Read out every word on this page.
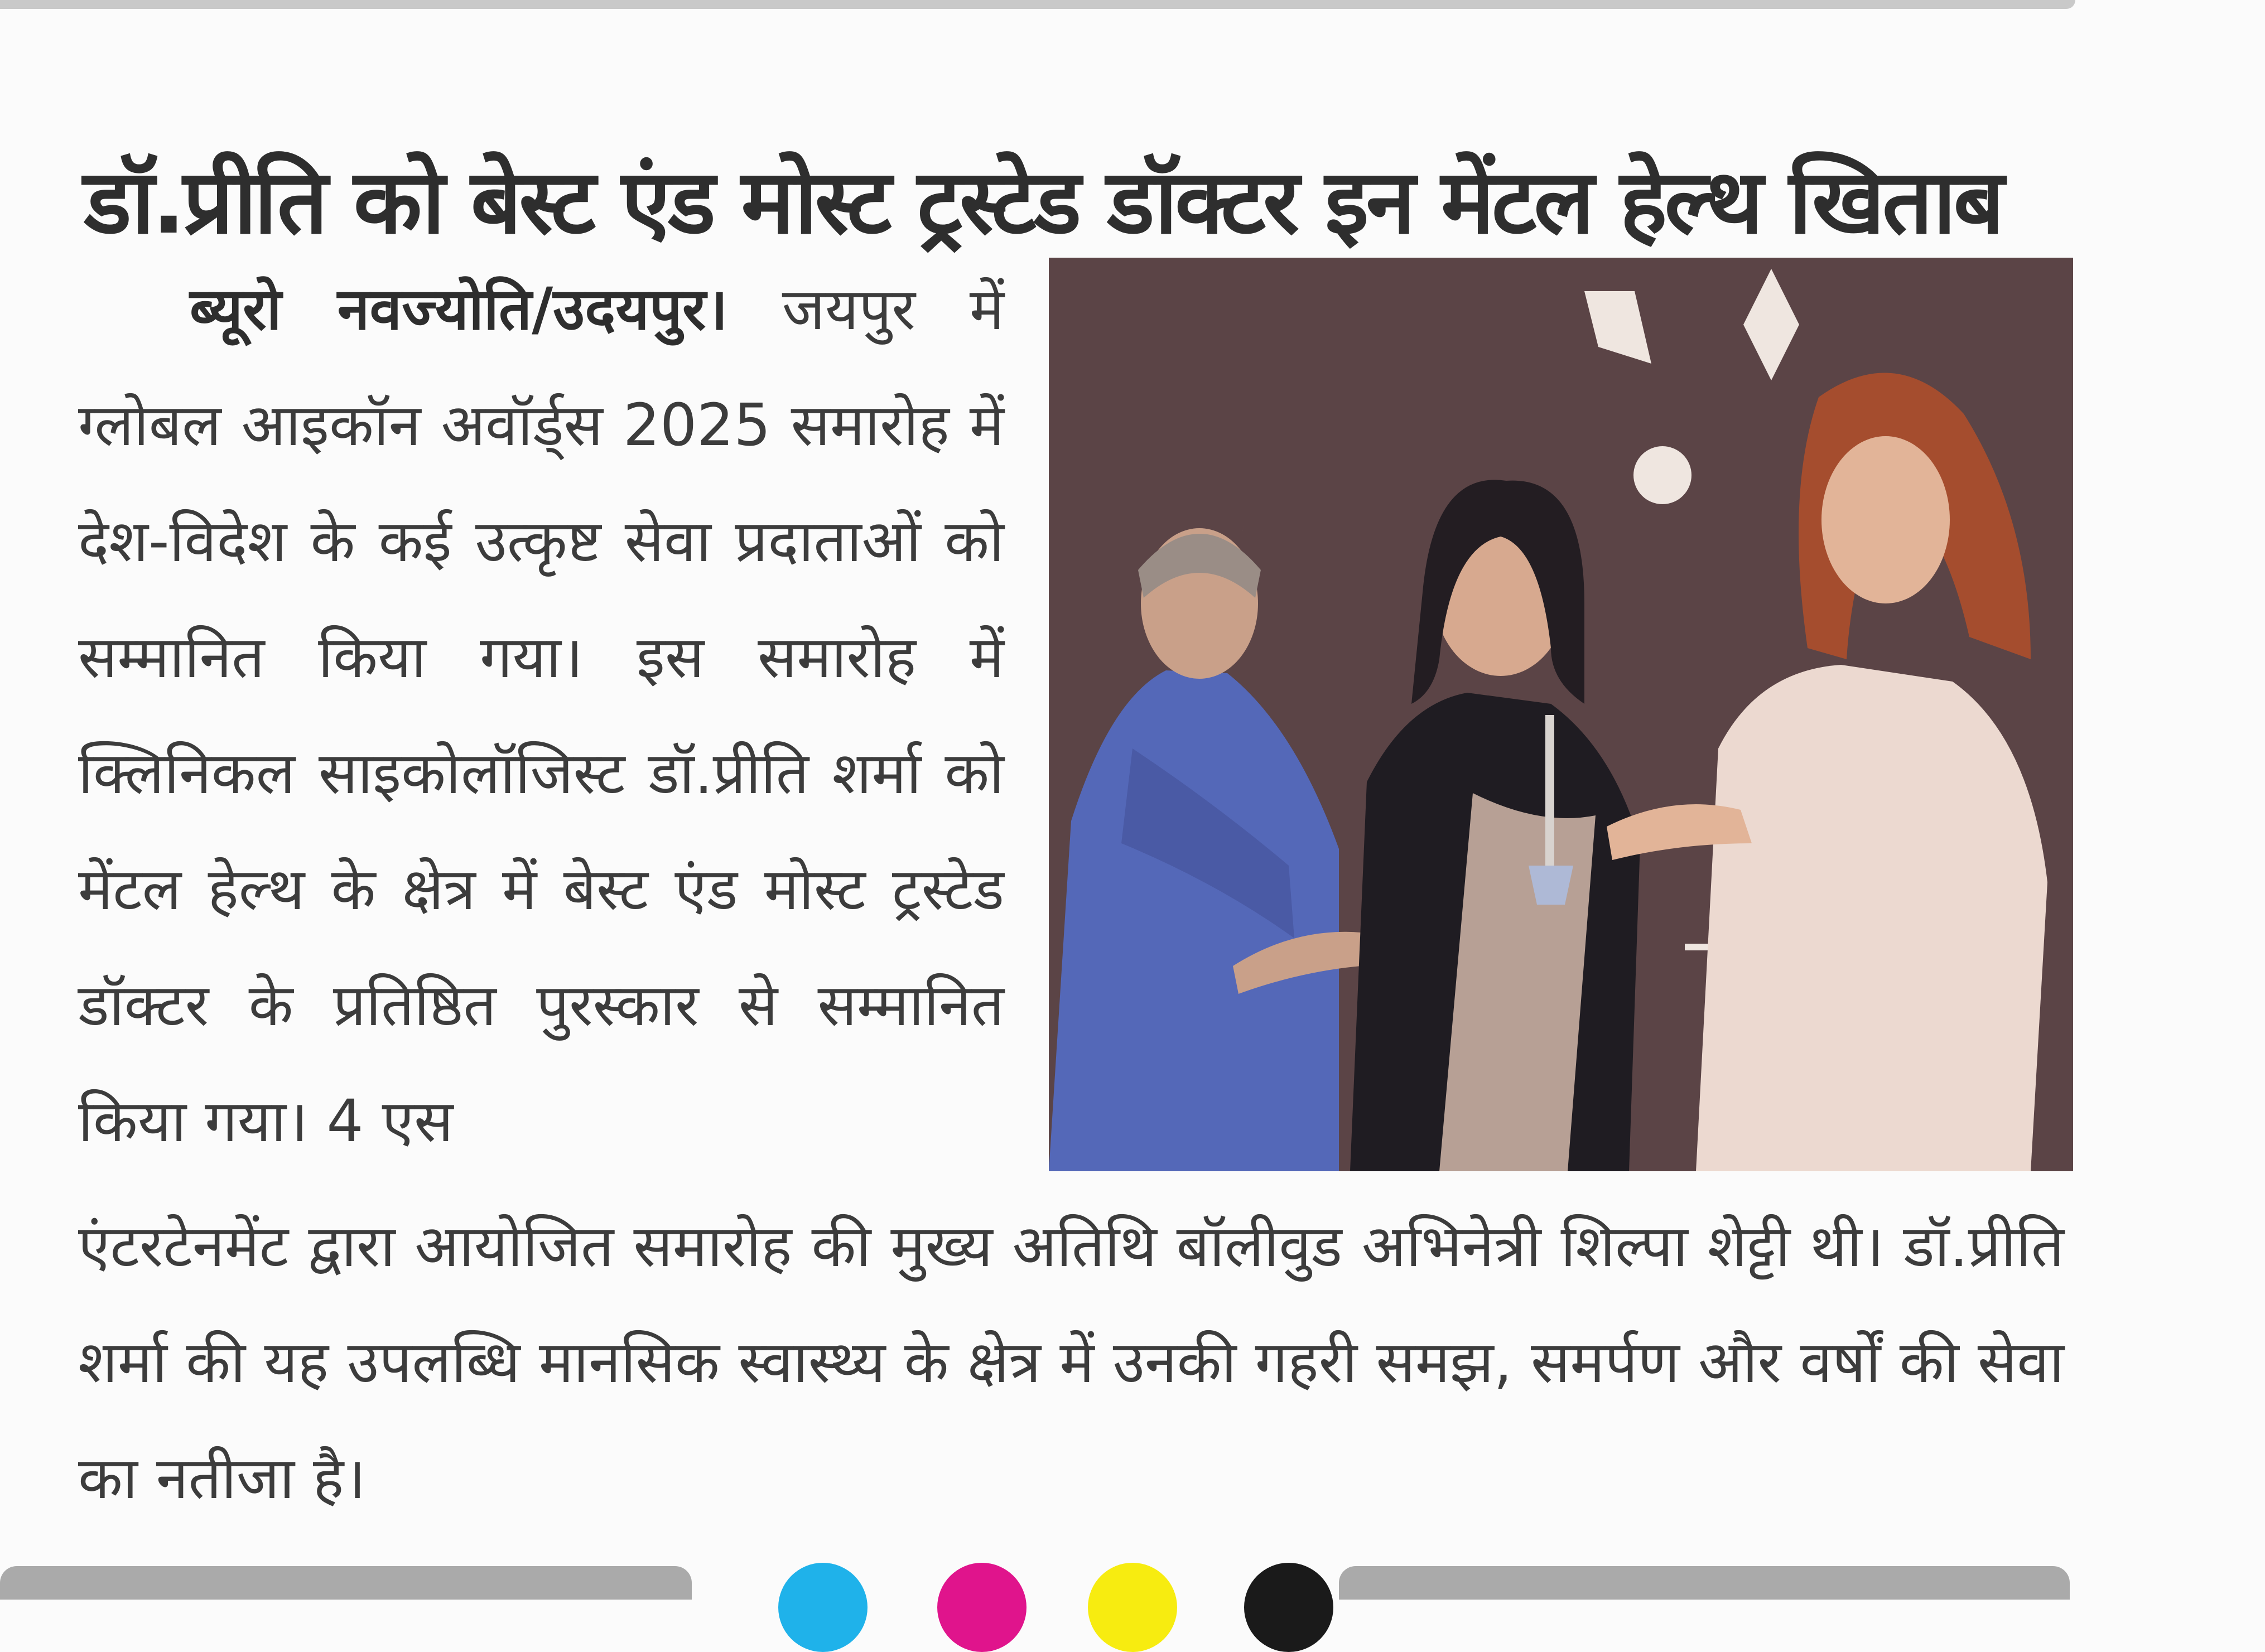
डॉ.प्रीति को बेस्ट एंड मोस्ट ट्रस्टेड डॉक्टर इन मेंटल हेल्थ खिताब
ब्यूरो नवज्योति/उदयपुर। जयपुर में ग्लोबल आइकॉन अवॉर्ड्स 2025 समारोह में देश-विदेश के कई उत्कृष्ट सेवा प्रदाताओं को सम्मानित किया गया। इस समारोह में क्लिनिकल साइकोलॉजिस्ट डॉ.प्रीति शर्मा को मेंटल हेल्थ के क्षेत्र में बेस्ट एंड मोस्ट ट्रस्टेड डॉक्टर के प्रतिष्ठित पुरस्कार से सम्मानित किया गया। 4 एस
एंटरटेनमेंट द्वारा आयोजित समारोह की मुख्य अतिथि बॉलीवुड अभिनेत्री शिल्पा शेट्टी थी। डॉ.प्रीति शर्मा की यह उपलब्धि मानसिक स्वास्थ्य के क्षेत्र में उनकी गहरी समझ, समर्पण और वर्षों की सेवा का नतीजा है।
